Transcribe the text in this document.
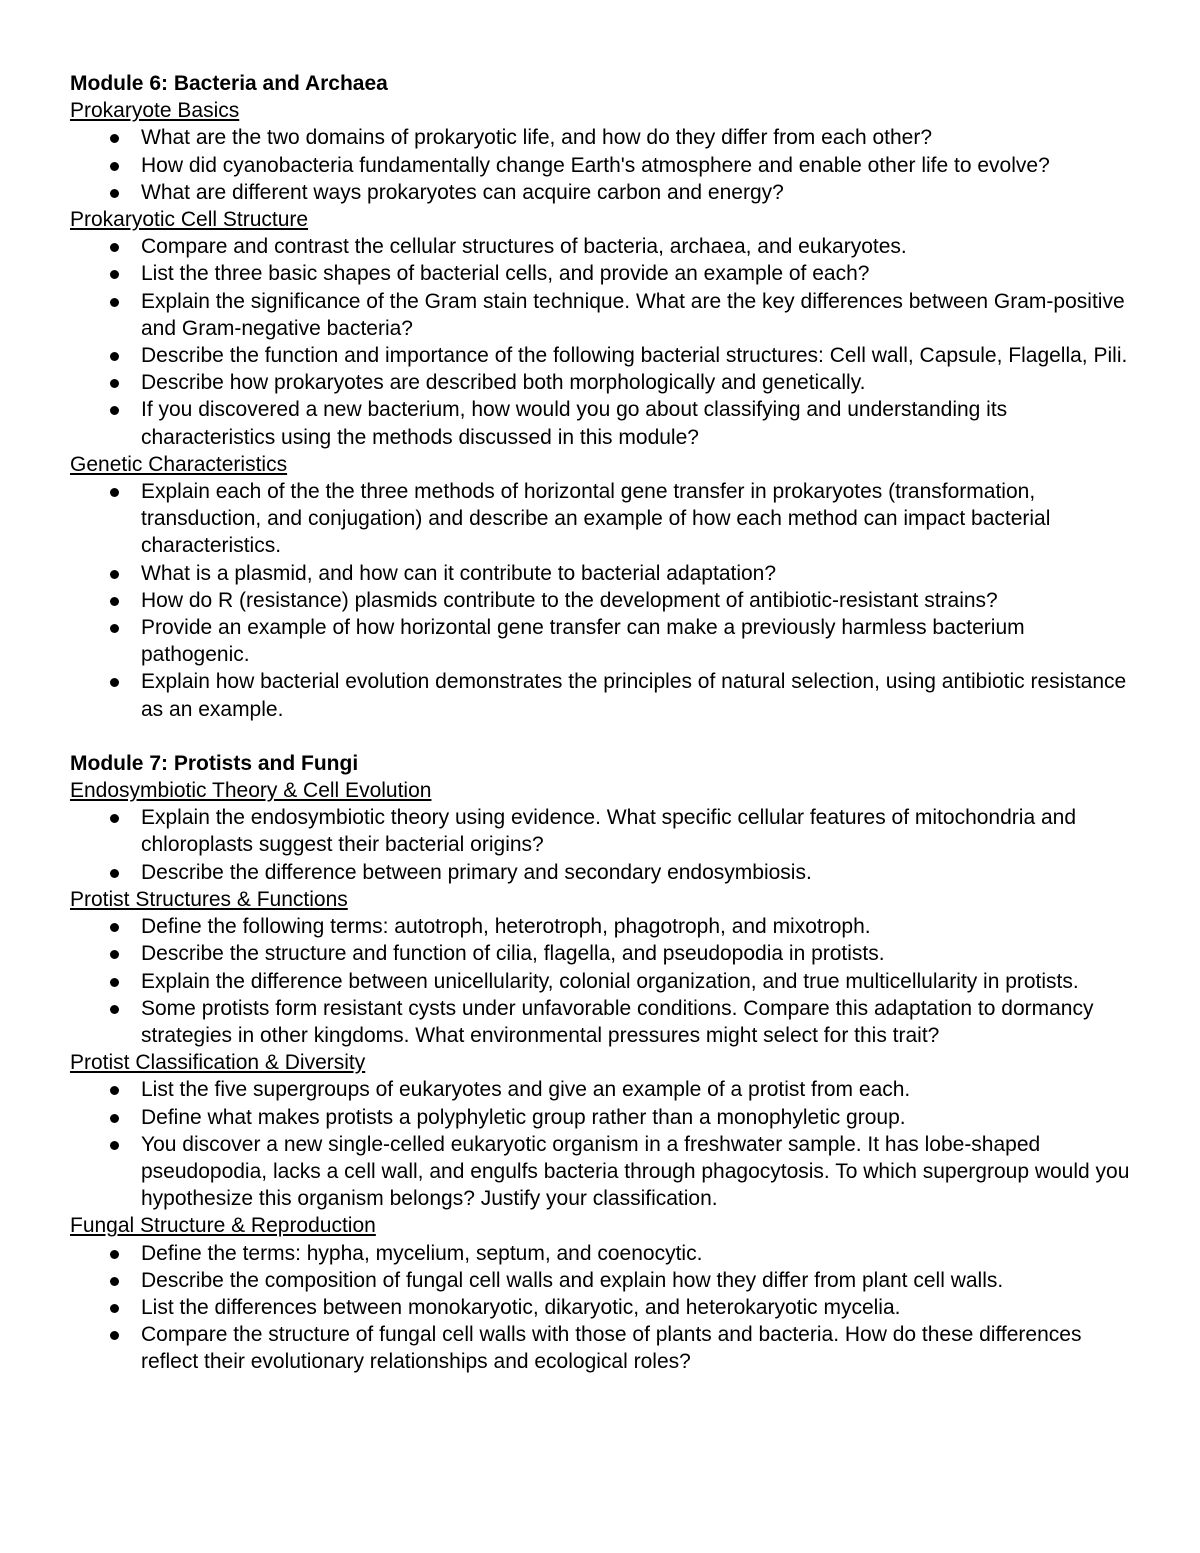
Module 6: Bacteria and Archaea
Prokaryote Basics
What are the two domains of prokaryotic life, and how do they differ from each other?
How did cyanobacteria fundamentally change Earth's atmosphere and enable other life to evolve?
What are different ways prokaryotes can acquire carbon and energy?
Prokaryotic Cell Structure
Compare and contrast the cellular structures of bacteria, archaea, and eukaryotes.
List the three basic shapes of bacterial cells, and provide an example of each?
Explain the significance of the Gram stain technique. What are the key differences between Gram-positive and Gram-negative bacteria?
Describe the function and importance of the following bacterial structures: Cell wall, Capsule, Flagella, Pili.
Describe how prokaryotes are described both morphologically and genetically.
If you discovered a new bacterium, how would you go about classifying and understanding its characteristics using the methods discussed in this module?
Genetic Characteristics
Explain each of the the three methods of horizontal gene transfer in prokaryotes (transformation, transduction, and conjugation) and describe an example of how each method can impact bacterial characteristics.
What is a plasmid, and how can it contribute to bacterial adaptation?
How do R (resistance) plasmids contribute to the development of antibiotic-resistant strains?
Provide an example of how horizontal gene transfer can make a previously harmless bacterium pathogenic.
Explain how bacterial evolution demonstrates the principles of natural selection, using antibiotic resistance as an example.
Module 7: Protists and Fungi
Endosymbiotic Theory & Cell Evolution
Explain the endosymbiotic theory using evidence. What specific cellular features of mitochondria and chloroplasts suggest their bacterial origins?
Describe the difference between primary and secondary endosymbiosis.
Protist Structures & Functions
Define the following terms: autotroph, heterotroph, phagotroph, and mixotroph.
Describe the structure and function of cilia, flagella, and pseudopodia in protists.
Explain the difference between unicellularity, colonial organization, and true multicellularity in protists.
Some protists form resistant cysts under unfavorable conditions. Compare this adaptation to dormancy strategies in other kingdoms. What environmental pressures might select for this trait?
Protist Classification & Diversity
List the five supergroups of eukaryotes and give an example of a protist from each.
Define what makes protists a polyphyletic group rather than a monophyletic group.
You discover a new single-celled eukaryotic organism in a freshwater sample. It has lobe-shaped pseudopodia, lacks a cell wall, and engulfs bacteria through phagocytosis. To which supergroup would you hypothesize this organism belongs? Justify your classification.
Fungal Structure & Reproduction
Define the terms: hypha, mycelium, septum, and coenocytic.
Describe the composition of fungal cell walls and explain how they differ from plant cell walls.
List the differences between monokaryotic, dikaryotic, and heterokaryotic mycelia.
Compare the structure of fungal cell walls with those of plants and bacteria. How do these differences reflect their evolutionary relationships and ecological roles?
